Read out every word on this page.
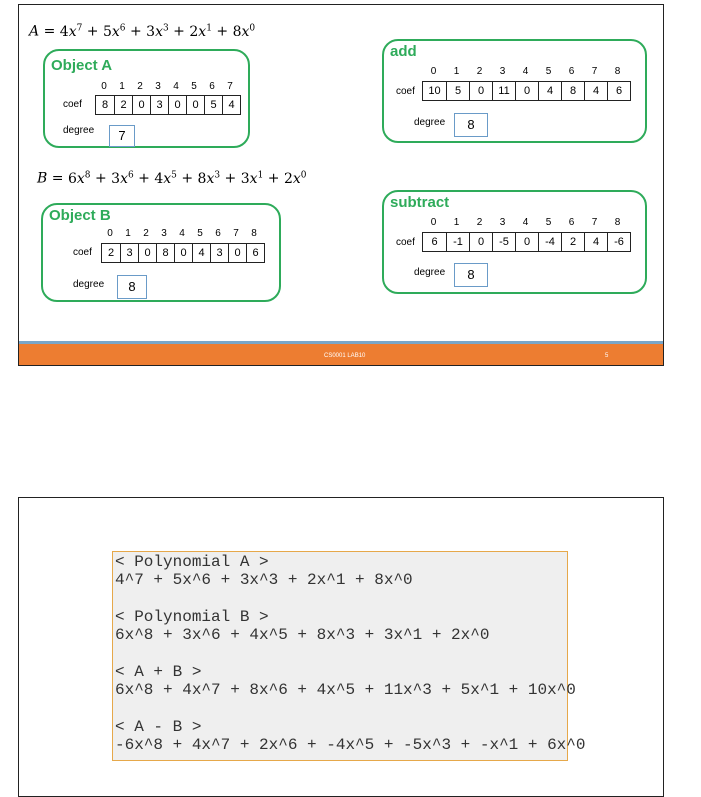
$A = 4x^7 + 5x^6 + 3x^3 + 2x^1 + 8x^0$
Object A
0	1	2	3	4	5	6	7
coef	8	2	0	3	0	0	5	4
degree	7
$B = 6x^8 + 3x^6 + 4x^5 + 8x^3 + 3x^1 + 2x^0$
Object B
0	1	2	3	4	5	6	7	8
coef	2	3	0	8	0	4	3	0	6
degree	8
add
0	1	2	3	4	5	6	7	8
coef	10	5	0	11	0	4	8	4	6
degree	8
subtract
0	1	2	3	4	5	6	7	8
coef	6	-1	0	-5	0	-4	2	4	-6
degree	8
CS0001 LAB10	5
< Polynomial A >
4^7 + 5x^6 + 3x^3 + 2x^1 + 8x^0
< Polynomial B >
6x^8 + 3x^6 + 4x^5 + 8x^3 + 3x^1 + 2x^0
< A + B >
6x^8 + 4x^7 + 8x^6 + 4x^5 + 11x^3 + 5x^1 + 10x^0
< A - B >
-6x^8 + 4x^7 + 2x^6 + -4x^5 + -5x^3 + -x^1 + 6x^0
